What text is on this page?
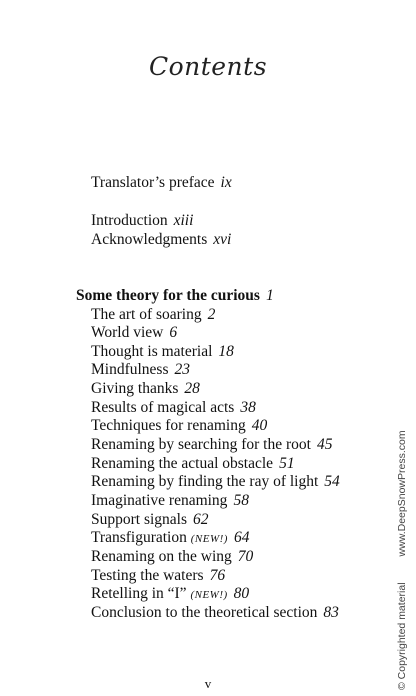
Contents
Translator’s preface ix
Introduction xiii
Acknowledgments xvi
Some theory for the curious 1
The art of soaring 2
World view 6
Thought is material 18
Mindfulness 23
Giving thanks 28
Results of magical acts 38
Techniques for renaming 40
Renaming by searching for the root 45
Renaming the actual obstacle 51
Renaming by finding the ray of light 54
Imaginative renaming 58
Support signals 62
Transfiguration (NEW!) 64
Renaming on the wing 70
Testing the waters 76
Retelling in “I” (NEW!) 80
Conclusion to the theoretical section 83
v	© Copyrighted materialwww.DeepSnowPress.com
